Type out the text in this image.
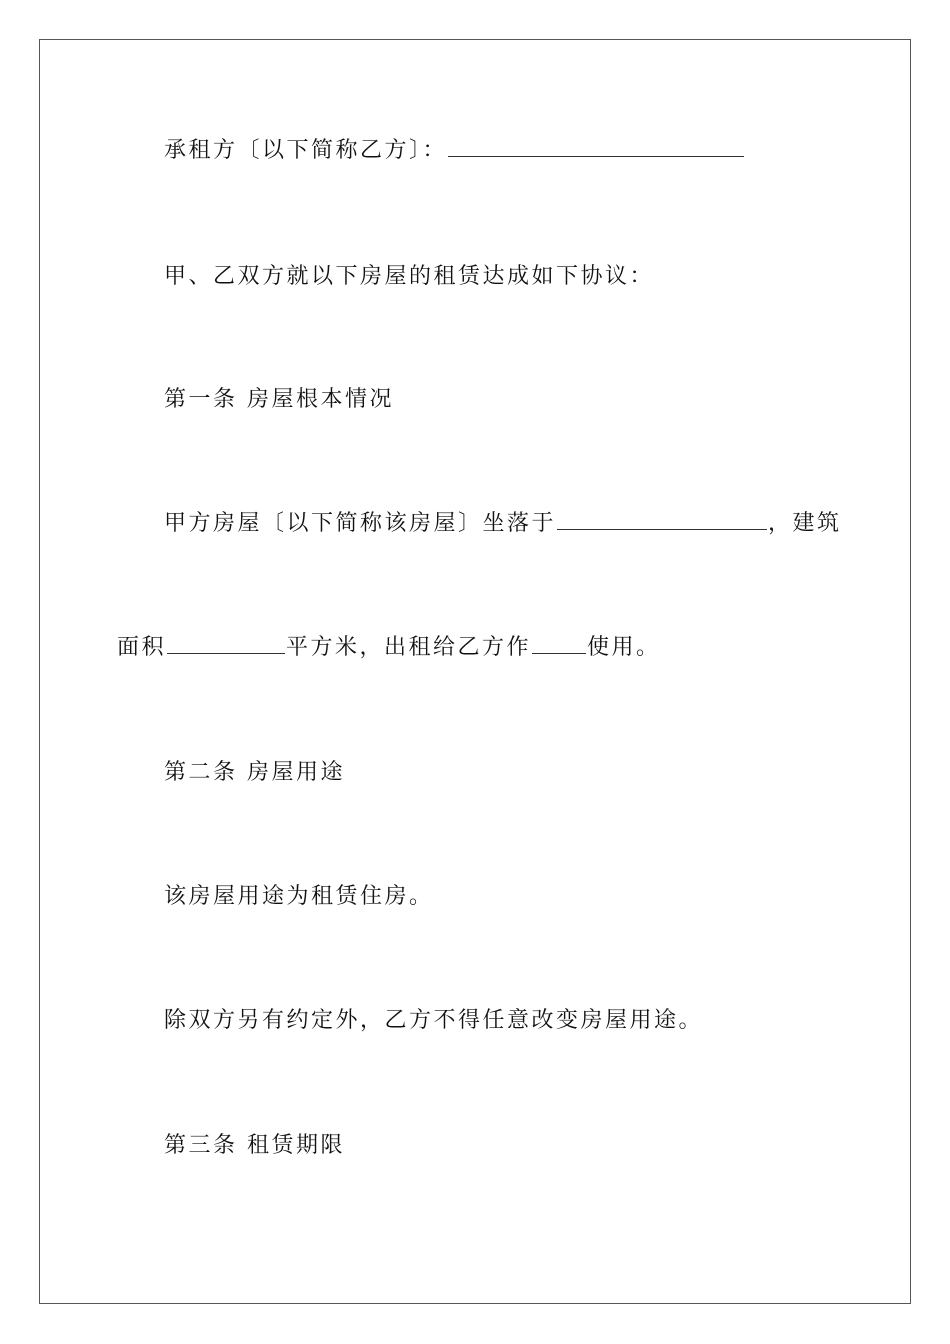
承租方〔以下简称乙方〕：
甲、乙双方就以下房屋的租赁达成如下协议：
第一条 房屋根本情况
甲方房屋〔以下简称该房屋〕坐落于	，建筑
面积	平方米，出租给乙方作	使用。
第二条 房屋用途
该房屋用途为租赁住房。
除双方另有约定外，乙方不得任意改变房屋用途。
第三条 租赁期限
